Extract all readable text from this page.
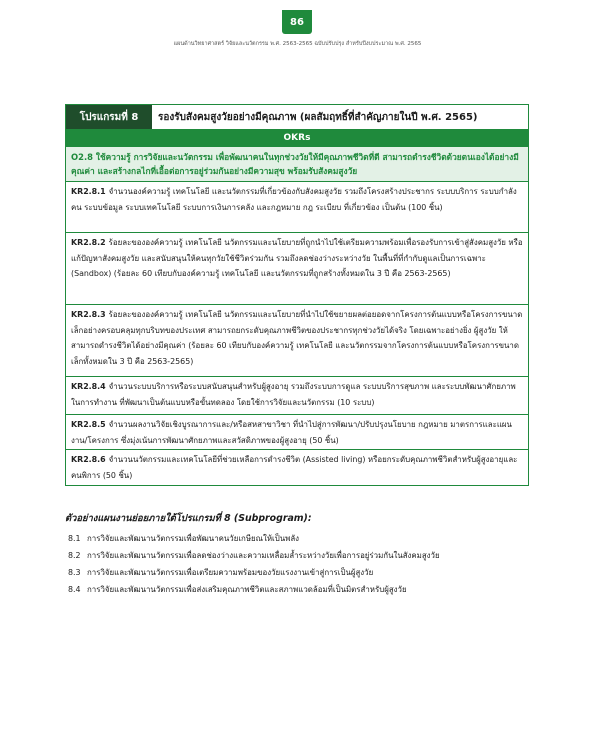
86
แผนด้านวิทยาศาสตร์ วิจัยและนวัตกรรม พ.ศ. 2563-2565 ฉบับปรับปรุง สำหรับปีงบประมาณ พ.ศ. 2565
โปรแกรมที่ 8	รองรับสังคมสูงวัยอย่างมีคุณภาพ (ผลสัมฤทธิ์ที่สำคัญภายในปี พ.ศ. 2565)
OKRs
O2.8 ใช้ความรู้ การวิจัยและนวัตกรรม เพื่อพัฒนาคนในทุกช่วงวัยให้มีคุณภาพชีวิตที่ดี สามารถดำรงชีวิตด้วยตนเองได้อย่างมีคุณค่า และสร้างกลไกที่เอื้อต่อการอยู่ร่วมกันอย่างมีความสุข พร้อมรับสังคมสูงวัย
KR2.8.1 จำนวนองค์ความรู้ เทคโนโลยี และนวัตกรรมที่เกี่ยวข้องกับสังคมสูงวัย รวมถึงโครงสร้างประชากร ระบบบริการ ระบบกำลังคน ระบบข้อมูล ระบบเทคโนโลยี ระบบการเงินการคลัง และกฎหมาย กฎ ระเบียบ ที่เกี่ยวข้อง เป็นต้น (100 ชิ้น)
KR2.8.2 ร้อยละขององค์ความรู้ เทคโนโลยี นวัตกรรมและนโยบายที่ถูกนำไปใช้เตรียมความพร้อมเพื่อรองรับการเข้าสู่สังคมสูงวัย หรือแก้ปัญหาสังคมสูงวัย และสนับสนุนให้คนทุกวัยใช้ชีวิตร่วมกัน รวมถึงลดช่องว่างระหว่างวัย ในพื้นที่ที่กำกับดูแลเป็นการเฉพาะ (Sandbox) (ร้อยละ 60 เทียบกับองค์ความรู้ เทคโนโลยี และนวัตกรรมที่ถูกสร้างทั้งหมดใน 3 ปี คือ 2563-2565)
KR2.8.3 ร้อยละขององค์ความรู้ เทคโนโลยี นวัตกรรมและนโยบายที่นำไปใช้ขยายผลต่อยอดจากโครงการต้นแบบหรือโครงการขนาดเล็กอย่างครอบคลุมทุกบริบทของประเทศ สามารถยกระดับคุณภาพชีวิตของประชากรทุกช่วงวัยได้จริง โดยเฉพาะอย่างยิ่ง ผู้สูงวัย ให้สามารถดำรงชีวิตได้อย่างมีคุณค่า (ร้อยละ 60 เทียบกับองค์ความรู้ เทคโนโลยี และนวัตกรรมจากโครงการต้นแบบหรือโครงการขนาดเล็กทั้งหมดใน 3 ปี คือ 2563-2565)
KR2.8.4 จำนวนระบบบริการหรือระบบสนับสนุนสำหรับผู้สูงอายุ รวมถึงระบบการดูแล ระบบบริการสุขภาพ และระบบพัฒนาศักยภาพในการทำงาน ที่พัฒนาเป็นต้นแบบหรือขั้นทดลอง โดยใช้การวิจัยและนวัตกรรม (10 ระบบ)
KR2.8.5 จำนวนผลงานวิจัยเชิงบูรณาการและ/หรือสหสาขาวิชา ที่นำไปสู่การพัฒนา/ปรับปรุงนโยบาย กฎหมาย มาตรการและแผนงาน/โครงการ ซึ่งมุ่งเน้นการพัฒนาศักยภาพและสวัสดิภาพของผู้สูงอายุ (50 ชิ้น)
KR2.8.6 จำนวนนวัตกรรมและเทคโนโลยีที่ช่วยเหลือการดำรงชีวิต (Assisted living) หรือยกระดับคุณภาพชีวิตสำหรับผู้สูงอายุและคนพิการ (50 ชิ้น)
ตัวอย่างแผนงานย่อยภายใต้โปรแกรมที่ 8 (Subprogram):
8.1 การวิจัยและพัฒนานวัตกรรมเพื่อพัฒนาคนวัยเกษียณให้เป็นพลัง
8.2 การวิจัยและพัฒนานวัตกรรมเพื่อลดช่องว่างและความเหลื่อมล้ำระหว่างวัยเพื่อการอยู่ร่วมกันในสังคมสูงวัย
8.3 การวิจัยและพัฒนานวัตกรรมเพื่อเตรียมความพร้อมของวัยแรงงานเข้าสู่การเป็นผู้สูงวัย
8.4 การวิจัยและพัฒนานวัตกรรมเพื่อส่งเสริมคุณภาพชีวิตและสภาพแวดล้อมที่เป็นมิตรสำหรับผู้สูงวัย
